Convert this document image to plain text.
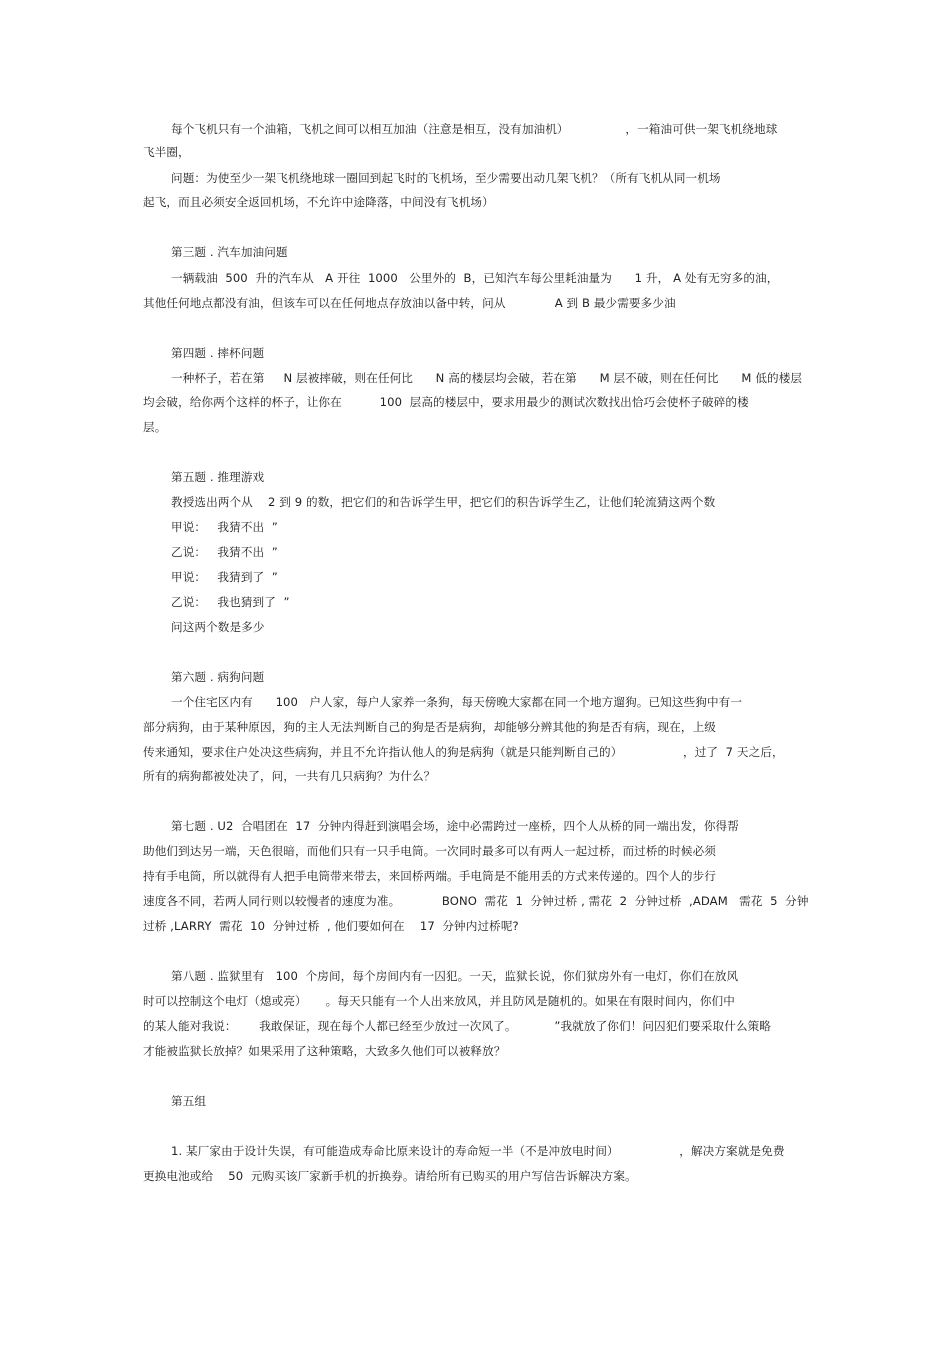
每个飞机只有一个油箱，飞机之间可以相互加油（注意是相互，没有加油机）               ，一箱油可供一架飞机绕地球
飞半圈，
问题：为使至少一架飞机绕地球一圈回到起飞时的飞机场，至少需要出动几架飞机？（所有飞机从同一机场
起飞，而且必须安全返回机场，不允许中途降落，中间没有飞机场）
第三题 . 汽车加油问题
一辆载油  500  升的汽车从   A 开往  1000   公里外的  B，已知汽车每公里耗油量为      1 升， A 处有无穷多的油，
其他任何地点都没有油，但该车可以在任何地点存放油以备中转，问从             A 到 B 最少需要多少油
第四题 . 摔杯问题
一种杯子，若在第     N 层被摔破，则在任何比      N 高的楼层均会破，若在第      M 层不破，则在任何比      M 低的楼层
均会破，给你两个这样的杯子，让你在          100  层高的楼层中，要求用最少的测试次数找出恰巧会使杯子破碎的楼
层。
第五题 . 推理游戏
教授选出两个从    2 到 9 的数，把它们的和告诉学生甲，把它们的积告诉学生乙，让他们轮流猜这两个数
甲说：   我猜不出  ”
乙说：   我猜不出  ”
甲说：   我猜到了  ”
乙说：   我也猜到了  ”
问这两个数是多少
第六题 . 病狗问题
一个住宅区内有      100   户人家，每户人家养一条狗，每天傍晚大家都在同一个地方遛狗。已知这些狗中有一
部分病狗，由于某种原因，狗的主人无法判断自己的狗是否是病狗，却能够分辨其他的狗是否有病，现在，上级
传来通知，要求住户处决这些病狗，并且不允许指认他人的狗是病狗（就是只能判断自己的）                ，过了  7 天之后，
所有的病狗都被处决了，问，一共有几只病狗？为什么？
第七题 . U2  合唱团在  17  分钟内得赶到演唱会场，途中必需跨过一座桥，四个人从桥的同一端出发，你得帮
助他们到达另一端，天色很暗，而他们只有一只手电筒。一次同时最多可以有两人一起过桥，而过桥的时候必须
持有手电筒，所以就得有人把手电筒带来带去，来回桥两端。手电筒是不能用丢的方式来传递的。四个人的步行
速度各不同，若两人同行则以较慢者的速度为准。           BONO  需花  1  分钟过桥 , 需花  2  分钟过桥  ,ADAM   需花  5  分钟
过桥 ,LARRY  需花  10  分钟过桥  , 他们要如何在    17  分钟内过桥呢?
第八题 . 监狱里有   100  个房间，每个房间内有一囚犯。一天，监狱长说，你们狱房外有一电灯，你们在放风
时可以控制这个电灯（熄或亮）     。每天只能有一个人出来放风，并且防风是随机的。如果在有限时间内，你们中
的某人能对我说：      我敢保证，现在每个人都已经至少放过一次风了。          ”我就放了你们！问囚犯们要采取什么策略
才能被监狱长放掉？如果采用了这种策略，大致多久他们可以被释放？
第五组
1. 某厂家由于设计失误，有可能造成寿命比原来设计的寿命短一半（不是冲放电时间）                ，解决方案就是免费
更换电池或给    50  元购买该厂家新手机的折换券。请给所有已购买的用户写信告诉解决方案。
